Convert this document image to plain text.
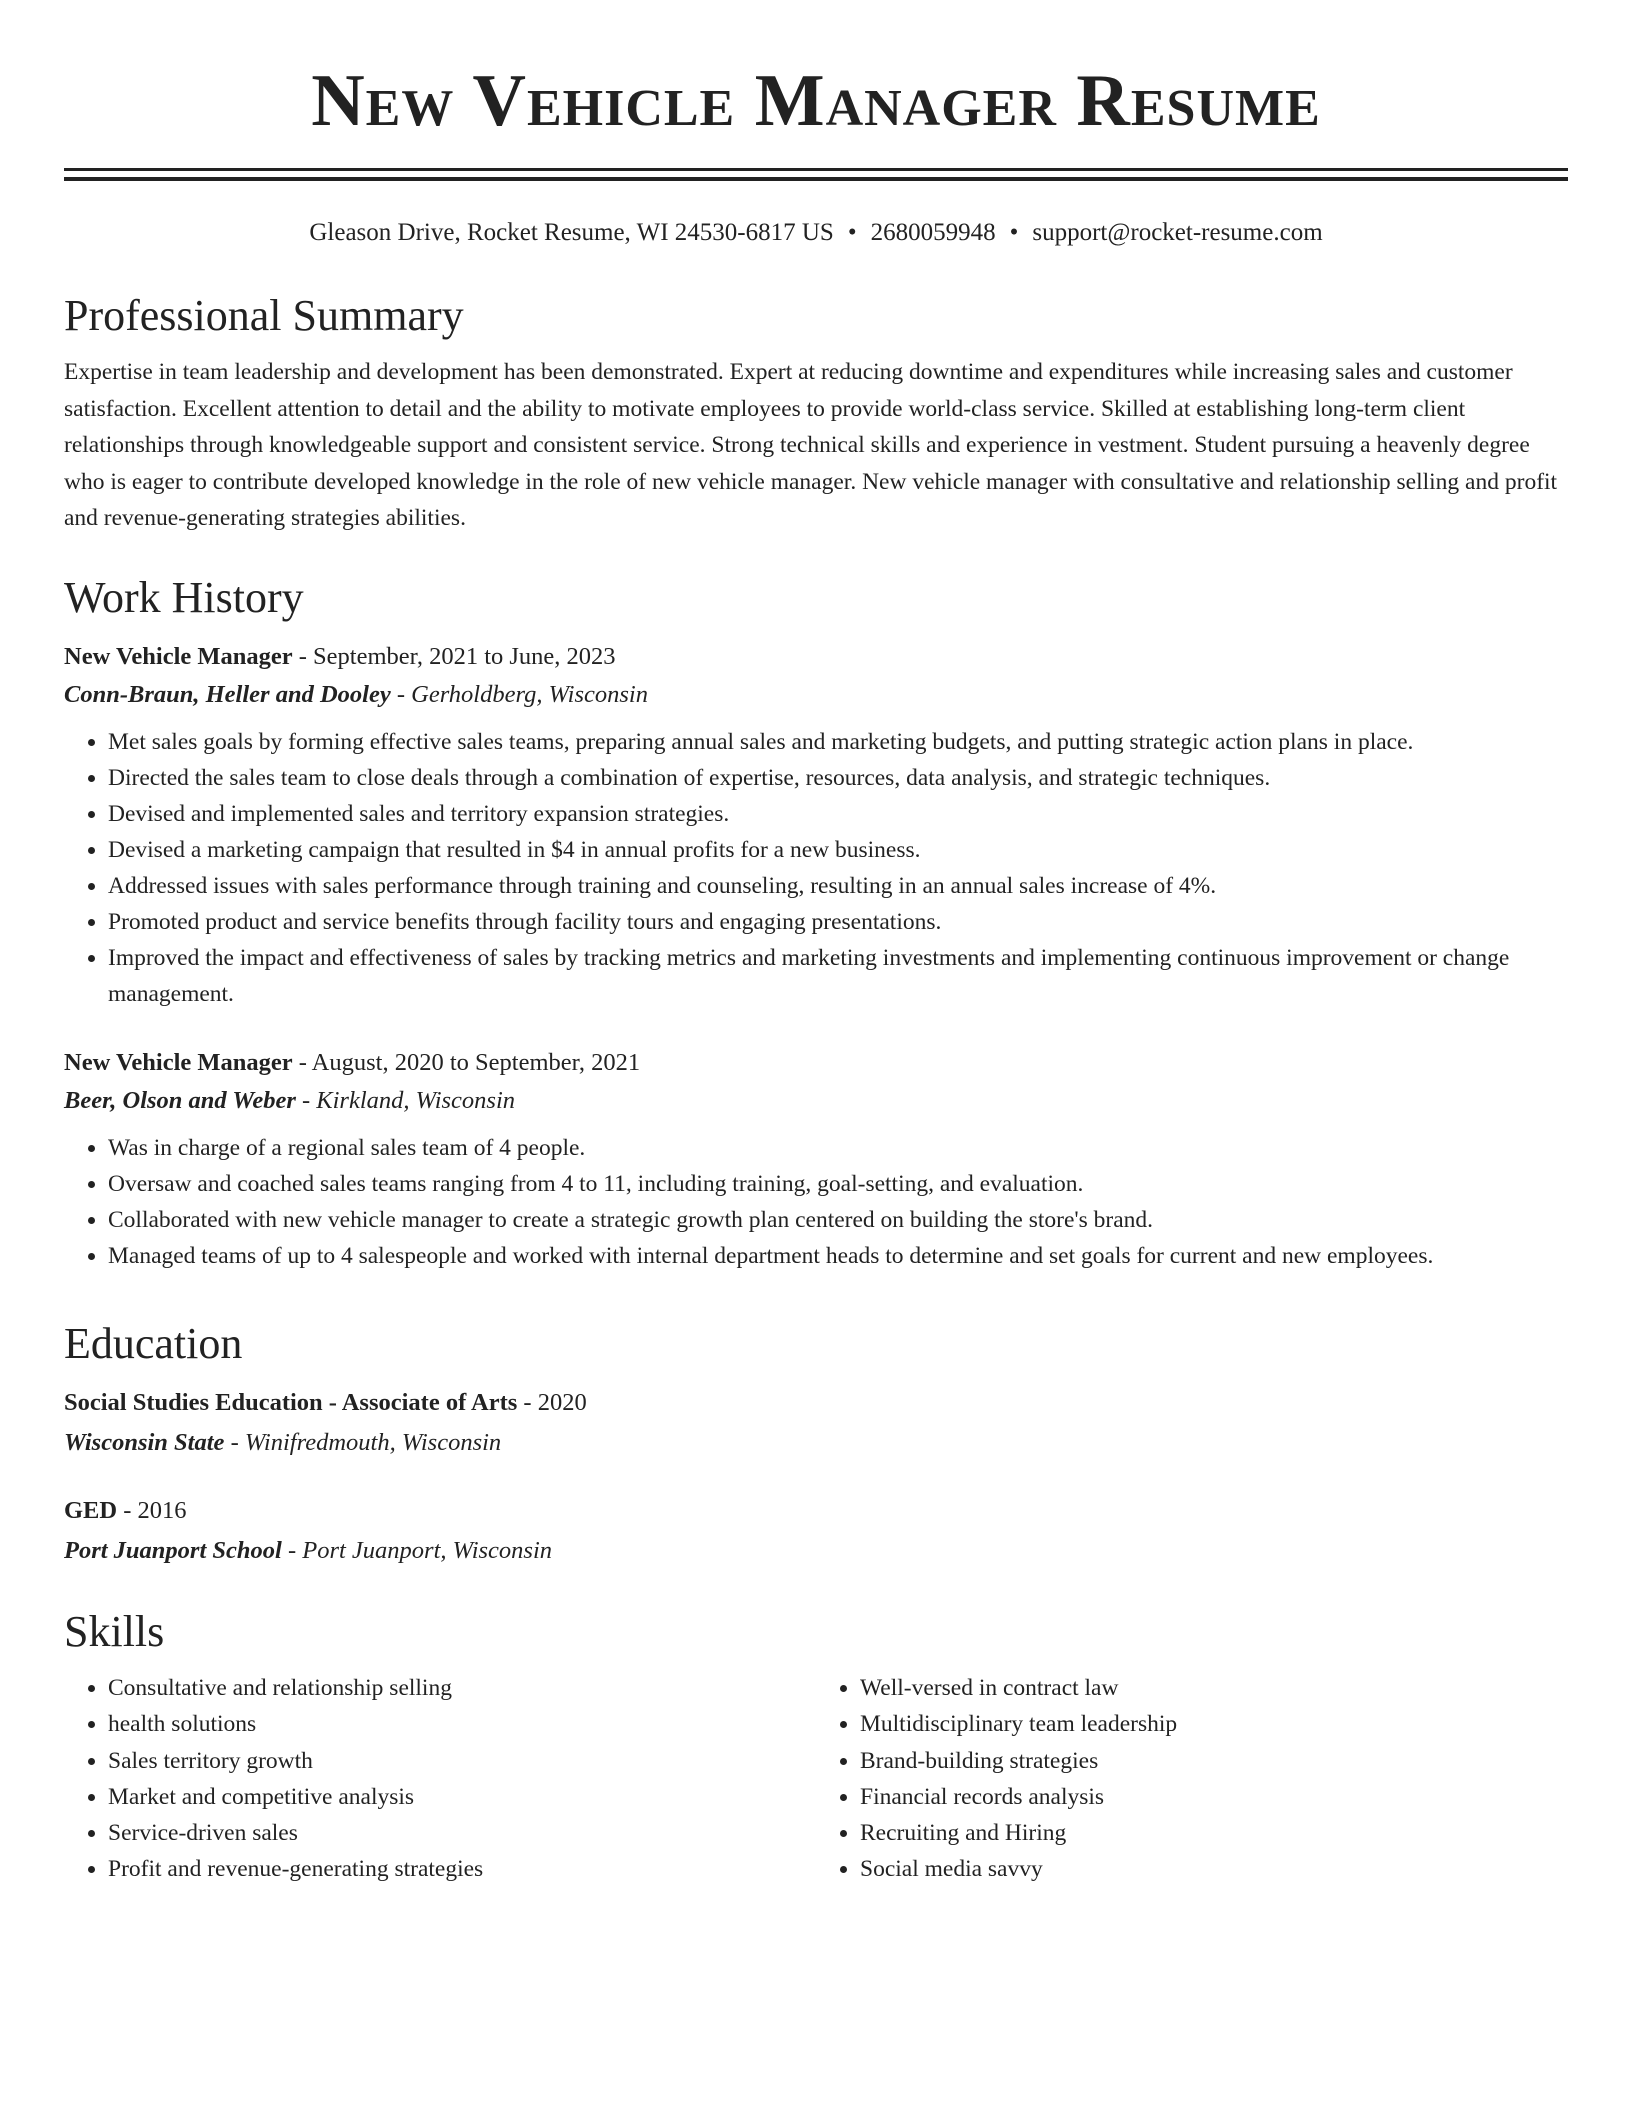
New Vehicle Manager Resume
Gleason Drive, Rocket Resume, WI 24530-6817 US • 2680059948 • support@rocket-resume.com
Professional Summary

Expertise in team leadership and development has been demonstrated. Expert at reducing downtime and expenditures while increasing sales and customer satisfaction. Excellent attention to detail and the ability to motivate employees to provide world-class service. Skilled at establishing long-term client relationships through knowledgeable support and consistent service. Strong technical skills and experience in vestment. Student pursuing a heavenly degree who is eager to contribute developed knowledge in the role of new vehicle manager. New vehicle manager with consultative and relationship selling and profit and revenue-generating strategies abilities.

Work History
New Vehicle Manager - September, 2021 to June, 2023
Conn-Braun, Heller and Dooley - Gerholdberg, Wisconsin
• Met sales goals by forming effective sales teams, preparing annual sales and marketing budgets, and putting strategic action plans in place.
• Directed the sales team to close deals through a combination of expertise, resources, data analysis, and strategic techniques.
• Devised and implemented sales and territory expansion strategies.
• Devised a marketing campaign that resulted in $4 in annual profits for a new business.
• Addressed issues with sales performance through training and counseling, resulting in an annual sales increase of 4%.
• Promoted product and service benefits through facility tours and engaging presentations.
• Improved the impact and effectiveness of sales by tracking metrics and marketing investments and implementing continuous improvement or change management.
New Vehicle Manager - August, 2020 to September, 2021
Beer, Olson and Weber - Kirkland, Wisconsin
• Was in charge of a regional sales team of 4 people.
• Oversaw and coached sales teams ranging from 4 to 11, including training, goal-setting, and evaluation.
• Collaborated with new vehicle manager to create a strategic growth plan centered on building the store's brand.
• Managed teams of up to 4 salespeople and worked with internal department heads to determine and set goals for current and new employees.
Education
Social Studies Education - Associate of Arts - 2020
Wisconsin State - Winifredmouth, Wisconsin
GED - 2016
Port Juanport School - Port Juanport, Wisconsin
Skills
• Consultative and relationship selling
• health solutions
• Sales territory growth
• Market and competitive analysis
• Service-driven sales
• Profit and revenue-generating strategies
• Well-versed in contract law
• Multidisciplinary team leadership
• Brand-building strategies
• Financial records analysis
• Recruiting and Hiring
• Social media savvy
